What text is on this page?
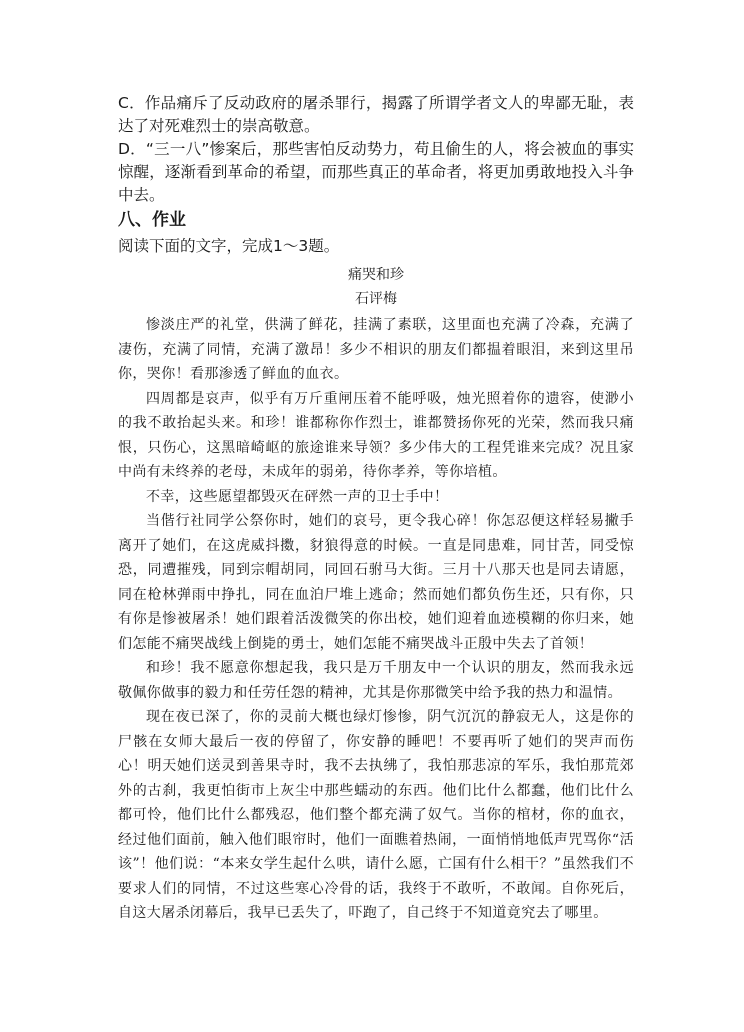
C．作品痛斥了反动政府的屠杀罪行，揭露了所谓学者文人的卑鄙无耻，表达了对死难烈士的崇高敬意。

D．“三一八”惨案后，那些害怕反动势力，苟且偷生的人，将会被血的事实惊醒，逐渐看到革命的希望，而那些真正的革命者，将更加勇敢地投入斗争中去。

八、作业

阅读下面的文字，完成1～3题。

痛哭和珍

石评梅

惨淡庄严的礼堂，供满了鲜花，挂满了素联，这里面也充满了冷森，充满了凄伤，充满了同情，充满了激昂！多少不相识的朋友们都揾着眼泪，来到这里吊你，哭你！看那渗透了鲜血的血衣。

四周都是哀声，似乎有万斤重闸压着不能呼吸，烛光照着你的遗容，使渺小的我不敢抬起头来。和珍！谁都称你作烈士，谁都赞扬你死的光荣，然而我只痛恨，只伤心，这黑暗崎岖的旅途谁来导领？多少伟大的工程凭谁来完成？况且家中尚有未终养的老母，未成年的弱弟，待你孝养，等你培植。

不幸，这些愿望都毁灭在砰然一声的卫士手中！

当偕行社同学公祭你时，她们的哀号，更令我心碎！你怎忍便这样轻易撇手离开了她们，在这虎威抖擞，豺狼得意的时候。一直是同患难，同甘苦，同受惊恐，同遭摧残，同到宗帽胡同，同回石驸马大街。三月十八那天也是同去请愿，同在枪林弹雨中挣扎，同在血泊尸堆上逃命；然而她们都负伤生还，只有你，只有你是惨被屠杀！她们跟着活泼微笑的你出校，她们迎着血迹模糊的你归来，她们怎能不痛哭战线上倒毙的勇士，她们怎能不痛哭战斗正殷中失去了首领！

和珍！我不愿意你想起我，我只是万千朋友中一个认识的朋友，然而我永远敬佩你做事的毅力和任劳任怨的精神，尤其是你那微笑中给予我的热力和温情。

现在夜已深了，你的灵前大概也绿灯惨惨，阴气沉沉的静寂无人，这是你的尸骸在女师大最后一夜的停留了，你安静的睡吧！不要再听了她们的哭声而伤心！明天她们送灵到善果寺时，我不去执绋了，我怕那悲凉的军乐，我怕那荒郊外的古刹，我更怕街市上灰尘中那些蠕动的东西。他们比什么都蠢，他们比什么都可怜，他们比什么都残忍，他们整个都充满了奴气。当你的棺材，你的血衣，经过他们面前，触入他们眼帘时，他们一面瞧着热闹，一面悄悄地低声咒骂你“活该”！他们说：“本来女学生起什么哄，请什么愿，亡国有什么相干？”虽然我们不要求人们的同情，不过这些寒心冷骨的话，我终于不敢听，不敢闻。自你死后，自这大屠杀闭幕后，我早已丢失了，吓跑了，自己终于不知道竟究去了哪里。
